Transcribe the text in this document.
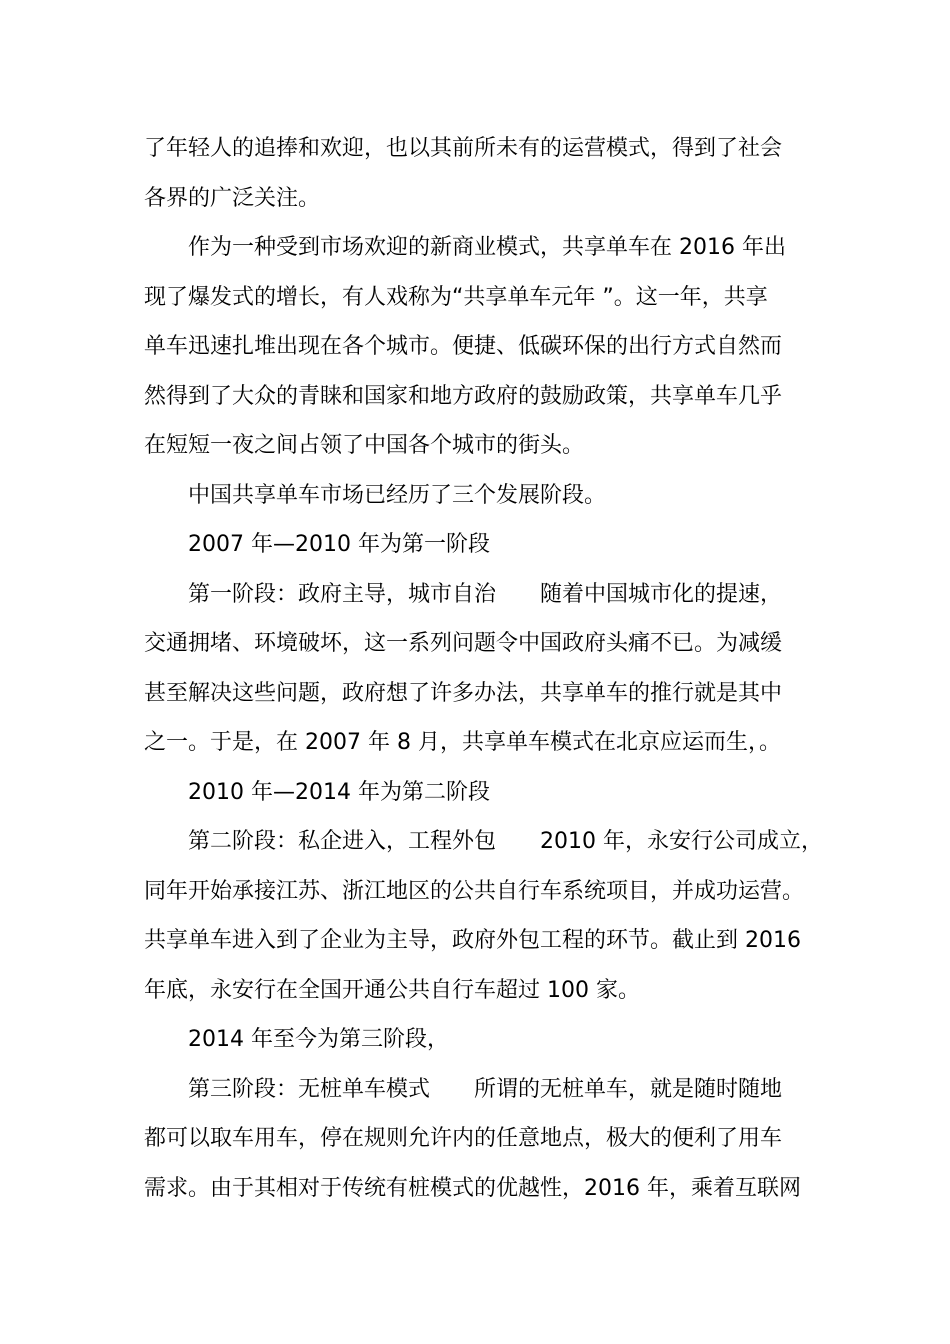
了年轻人的追捧和欢迎，也以其前所未有的运营模式，得到了社会
各界的广泛关注。
作为一种受到市场欢迎的新商业模式，共享单车在 2016 年出
现了爆发式的增长，有人戏称为“共享单车元年 ”。这一年，共享
单车迅速扎堆出现在各个城市。便捷、低碳环保的出行方式自然而
然得到了大众的青睐和国家和地方政府的鼓励政策，共享单车几乎
在短短一夜之间占领了中国各个城市的街头。
中国共享单车市场已经历了三个发展阶段。
2007 年—2010 年为第一阶段
第一阶段：政府主导，城市自治 随着中国城市化的提速，
交通拥堵、环境破坏，这一系列问题令中国政府头痛不已。为减缓
甚至解决这些问题，政府想了许多办法，共享单车的推行就是其中
之一。于是，在 2007 年 8 月，共享单车模式在北京应运而生，。
2010 年—2014 年为第二阶段
第二阶段：私企进入，工程外包 2010 年，永安行公司成立，
同年开始承接江苏、浙江地区的公共自行车系统项目，并成功运营。
共享单车进入到了企业为主导，政府外包工程的环节。截止到 2016
年底，永安行在全国开通公共自行车超过 100 家。
2014 年至今为第三阶段，
第三阶段：无桩单车模式 所谓的无桩单车，就是随时随地
都可以取车用车，停在规则允许内的任意地点，极大的便利了用车
需求。由于其相对于传统有桩模式的优越性，2016 年，乘着互联网
